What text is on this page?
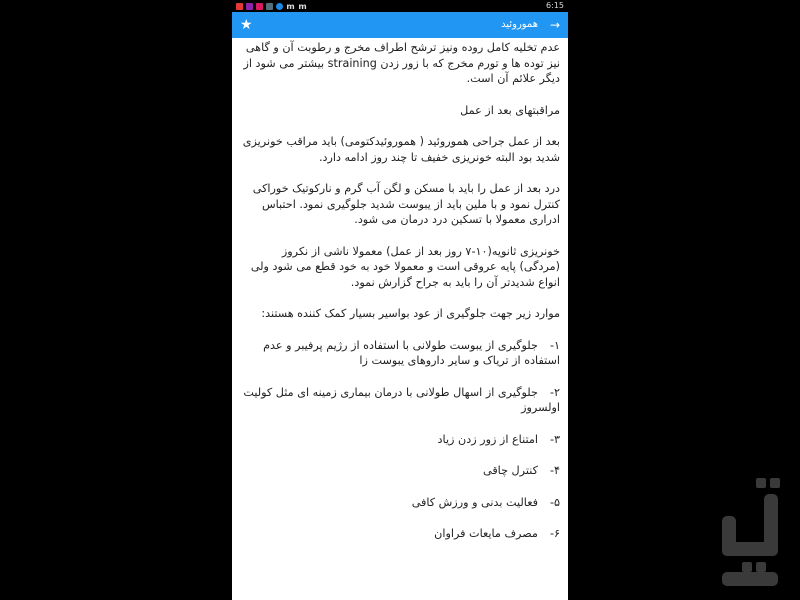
m m	6:15
★	هموروئید →

عدم تخلیه کامل روده ونیز ترشح اطراف مخرج و رطوبت آن و گاهی نیز توده ها و تورم مخرج که با زور زدن straining بیشتر می شود از دیگر علائم آن است.

مراقبتهای بعد از عمل

بعد از عمل جراحی هموروئید ( هموروئیدکتومی) باید مراقب خونریزی شدید بود البته خونریزی خفیف تا چند روز ادامه دارد.

درد بعد از عمل را باید با مسکن و لگن آب گرم و نارکوتیک خوراکی کنترل نمود و با ملین باید از یبوست شدید جلوگیری نمود. احتباس ادراری معمولا با تسکین درد درمان می شود.

خونریزی ثانویه(۱۰-۷ روز بعد از عمل) معمولا ناشی از نکروز (مردگی) پایه عروقی است و معمولا خود به خود قطع می شود ولی انواع شدیدتر آن را باید به جراح گزارش نمود.

موارد زیر جهت جلوگیری از عود بواسیر بسیار کمک کننده هستند:

۱-جلوگیری از یبوست طولانی با استفاده از رژیم پرفیبر و عدم استفاده از تریاک و سایر داروهای یبوست زا
۲-جلوگیری از اسهال طولانی با درمان بیماری زمینه ای مثل کولیت اولسروز
۳-امتناع از زور زدن زیاد
۴-کنترل چاقی
۵-فعالیت بدنی و ورزش کافی
۶-مصرف مایعات فراوان
